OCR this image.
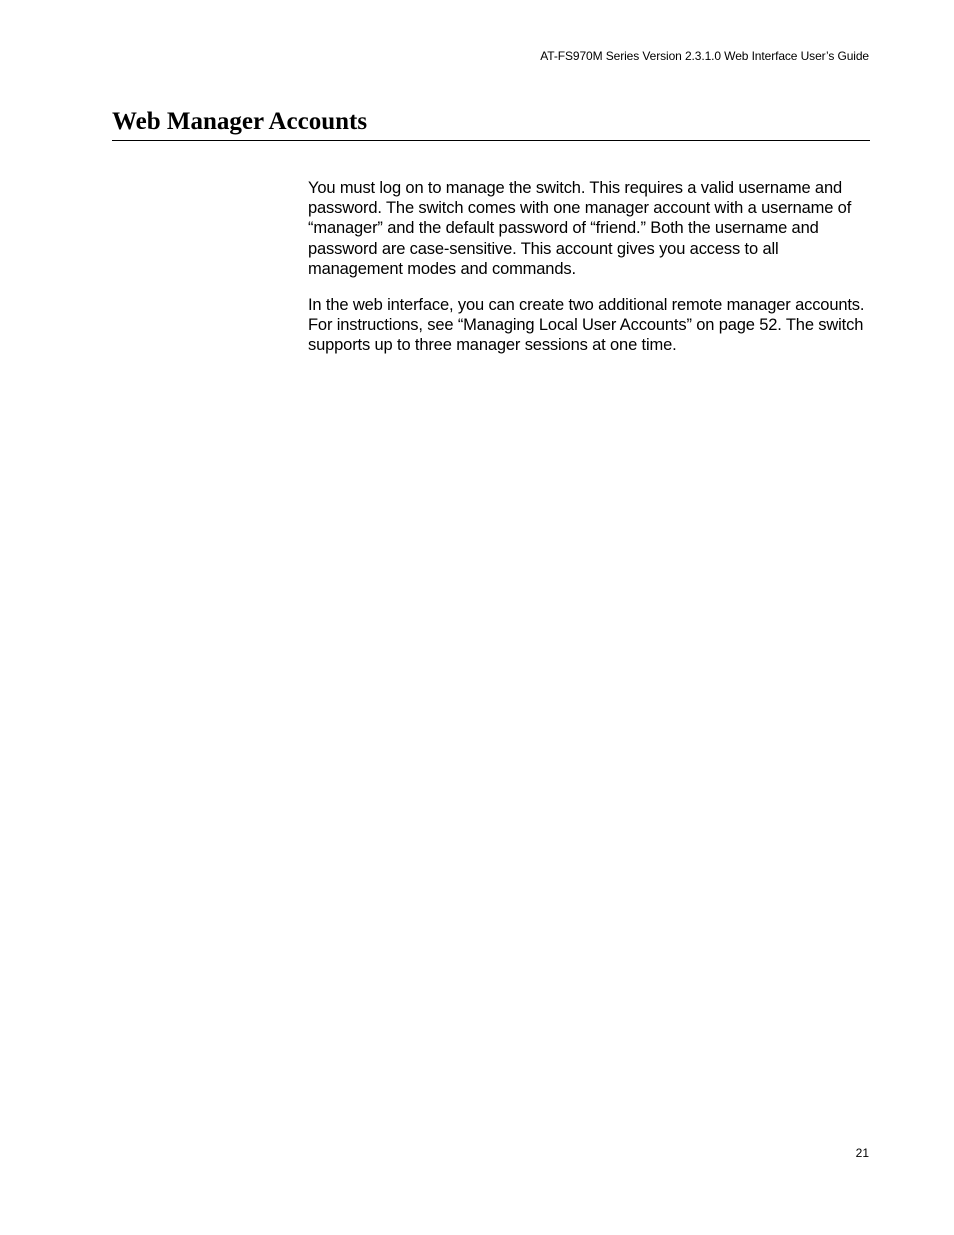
AT-FS970M Series Version 2.3.1.0 Web Interface User’s Guide
Web Manager Accounts

You must log on to manage the switch. This requires a valid username and password. The switch comes with one manager account with a username of “manager” and the default password of “friend.” Both the username and password are case-sensitive. This account gives you access to all management modes and commands.

In the web interface, you can create two additional remote manager accounts. For instructions, see “Managing Local User Accounts” on page 52. The switch supports up to three manager sessions at one time.

21
